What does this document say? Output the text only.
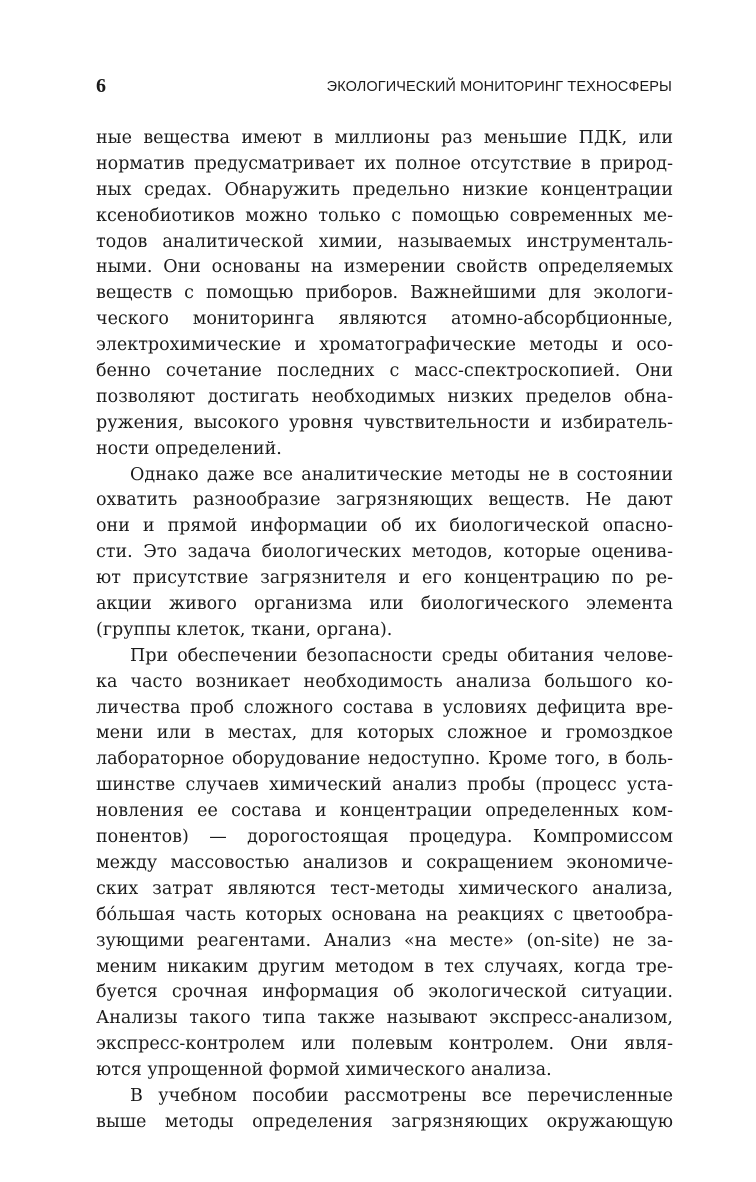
6	ЭКОЛОГИЧЕСКИЙ МОНИТОРИНГ ТЕХНОСФЕРЫ
ные вещества имеют в миллионы раз меньшие ПДК, или
норматив предусматривает их полное отсутствие в природ-
ных средах. Обнаружить предельно низкие концентрации
ксенобиотиков можно только с помощью современных ме-
тодов аналитической химии, называемых инструменталь-
ными. Они основаны на измерении свойств определяемых
веществ с помощью приборов. Важнейшими для экологи-
ческого мониторинга являются атомно-абсорбционные,
электрохимические и хроматографические методы и осо-
бенно сочетание последних с масс-спектроскопией. Они
позволяют достигать необходимых низких пределов обна-
ружения, высокого уровня чувствительности и избиратель-
ности определений.
Однако даже все аналитические методы не в состоянии
охватить разнообразие загрязняющих веществ. Не дают
они и прямой информации об их биологической опасно-
сти. Это задача биологических методов, которые оценива-
ют присутствие загрязнителя и его концентрацию по ре-
акции живого организма или биологического элемента
(группы клеток, ткани, органа).
При обеспечении безопасности среды обитания челове-
ка часто возникает необходимость анализа большого ко-
личества проб сложного состава в условиях дефицита вре-
мени или в местах, для которых сложное и громоздкое
лабораторное оборудование недоступно. Кроме того, в боль-
шинстве случаев химический анализ пробы (процесс уста-
новления ее состава и концентрации определенных ком-
понентов) — дорогостоящая процедура. Компромиссом
между массовостью анализов и сокращением экономиче-
ских затрат являются тест-методы химического анализа,
бóльшая часть которых основана на реакциях с цветообра-
зующими реагентами. Анализ «на месте» (on-site) не за-
меним никаким другим методом в тех случаях, когда тре-
буется срочная информация об экологической ситуации.
Анализы такого типа также называют экспресс-анализом,
экспресс-контролем или полевым контролем. Они явля-
ются упрощенной формой химического анализа.
В учебном пособии рассмотрены все перечисленные
выше методы определения загрязняющих окружающую
